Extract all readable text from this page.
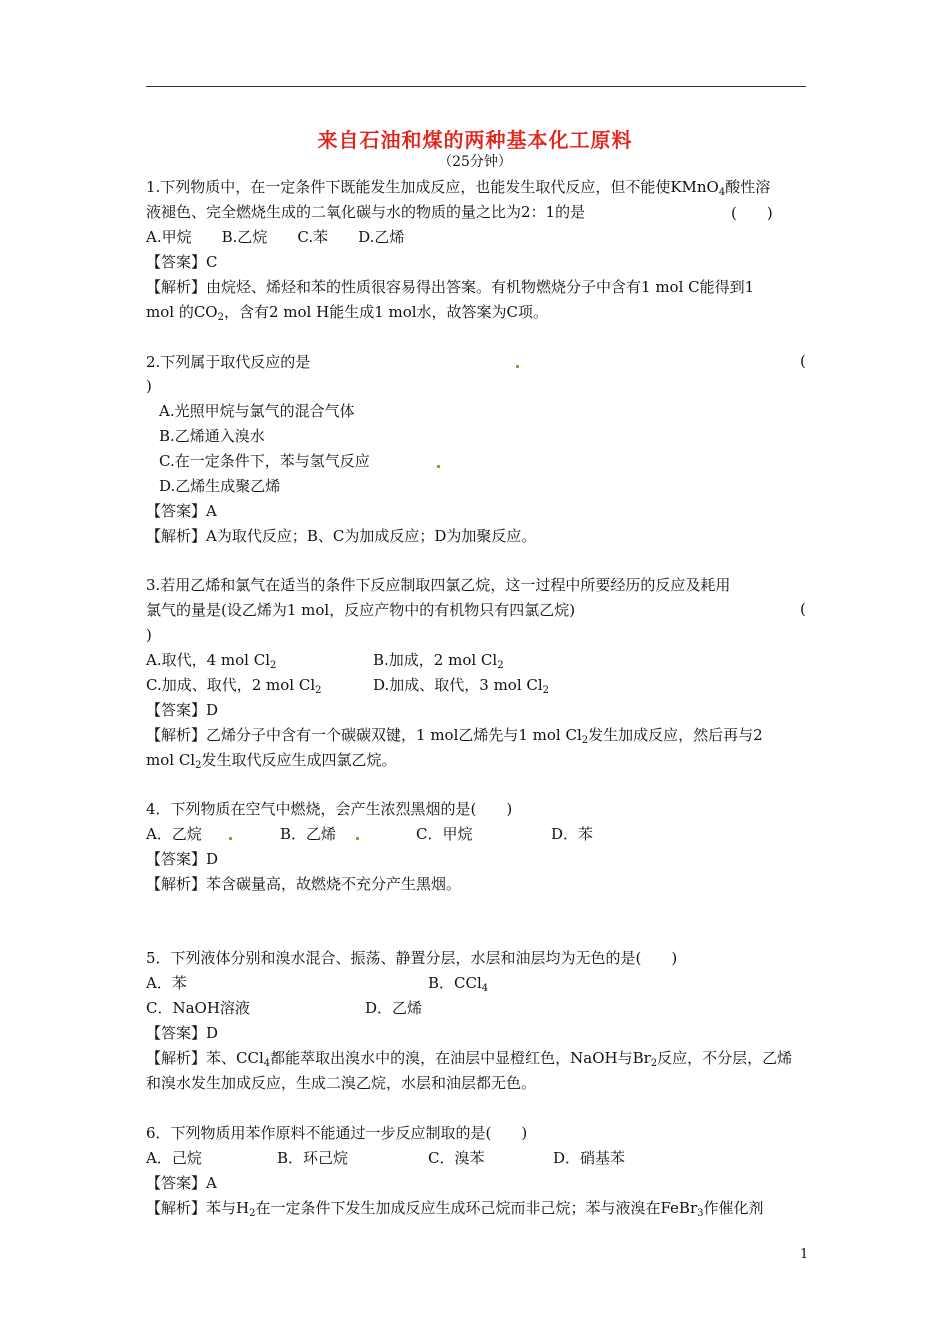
来自石油和煤的两种基本化工原料
（25分钟）
1.下列物质中，在一定条件下既能发生加成反应，也能发生取代反应，但不能使KMnO$_4$酸性溶
液褪色、完全燃烧生成的二氧化碳与水的物质的量之比为2：1的是	(　　)
A.甲烷　　B.乙烷　　C.苯　　D.乙烯
【答案】C
【解析】由烷烃、烯烃和苯的性质很容易得出答案。有机物燃烧分子中含有1 mol C能得到1
mol 的$CO_2$，含有2 mol H能生成1 mol水，故答案为C项。
2.下列属于取代反应的是	(
)
A.光照甲烷与氯气的混合气体
B.乙烯通入溴水
C.在一定条件下，苯与氢气反应
D.乙烯生成聚乙烯
【答案】A
【解析】A为取代反应；B、C为加成反应；D为加聚反应。
3.若用乙烯和氯气在适当的条件下反应制取四氯乙烷，这一过程中所要经历的反应及耗用
氯气的量是(设乙烯为1 mol，反应产物中的有机物只有四氯乙烷)	(
)
A.取代，4 mol $Cl_2$	B.加成，2 mol $Cl_2$
C.加成、取代，2 mol $Cl_2$	D.加成、取代，3 mol $Cl_2$
【答案】D
【解析】乙烯分子中含有一个碳碳双键，1 mol乙烯先与1 mol $Cl_2$发生加成反应，然后再与2
mol $Cl_2$发生取代反应生成四氯乙烷。
4．下列物质在空气中燃烧，会产生浓烈黑烟的是(　　)
A．乙烷	B．乙烯	C．甲烷	D．苯
【答案】D
【解析】苯含碳量高，故燃烧不充分产生黑烟。
5．下列液体分别和溴水混合、振荡、静置分层，水层和油层均为无色的是(　　)
A．苯	B．CCl$_4$
C．NaOH溶液	D．乙烯
【答案】D
【解析】苯、CCl$_4$都能萃取出溴水中的溴，在油层中显橙红色，NaOH与$Br_2$反应，不分层，乙烯
和溴水发生加成反应，生成二溴乙烷，水层和油层都无色。
6．下列物质用苯作原料不能通过一步反应制取的是(　　)
A．己烷	B．环己烷	C．溴苯	D．硝基苯
【答案】A
【解析】苯与$H_2$在一定条件下发生加成反应生成环己烷而非己烷；苯与液溴在FeBr$_3$作催化剂
1
